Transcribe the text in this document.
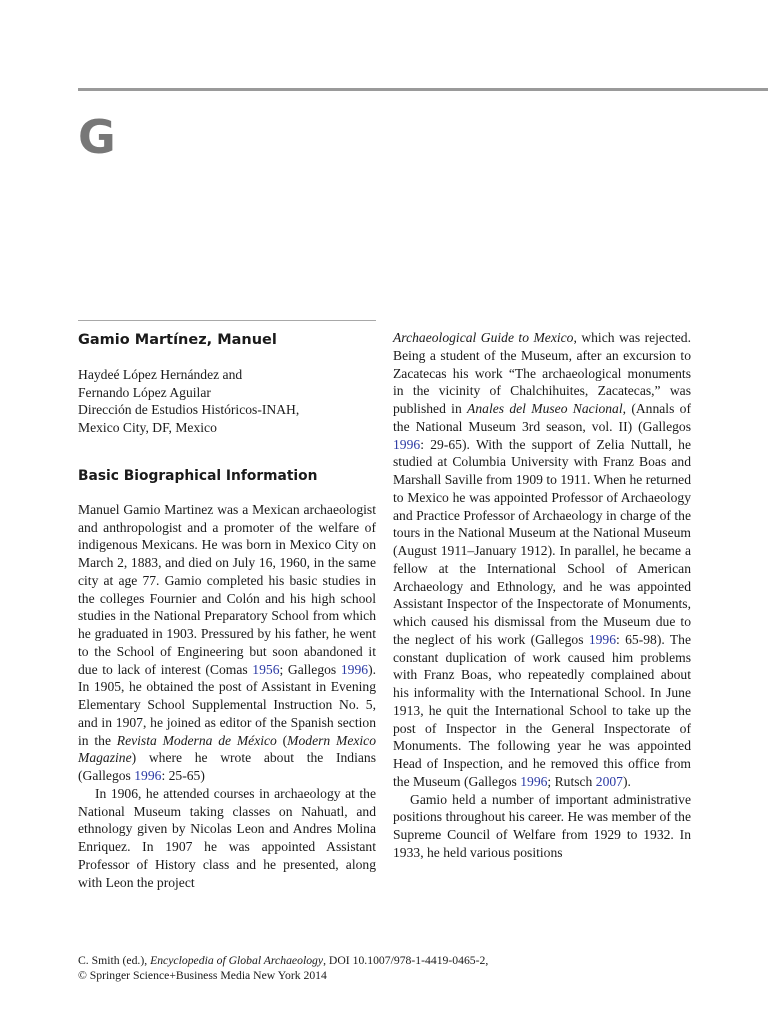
G
Gamio Martínez, Manuel
Haydeé López Hernández and
Fernando López Aguilar
Dirección de Estudios Históricos-INAH,
Mexico City, DF, Mexico
Basic Biographical Information

Manuel Gamio Martinez was a Mexican archaeologist and anthropologist and a promoter of the welfare of indigenous Mexicans. He was born in Mexico City on March 2, 1883, and died on July 16, 1960, in the same city at age 77. Gamio completed his basic studies in the colleges Fournier and Colón and his high school studies in the National Preparatory School from which he graduated in 1903. Pressured by his father, he went to the School of Engineering but soon abandoned it due to lack of interest (Comas 1956; Gallegos 1996). In 1905, he obtained the post of Assistant in Evening Elementary School Supplemental Instruction No. 5, and in 1907, he joined as editor of the Spanish section in the Revista Moderna de México (Modern Mexico Magazine) where he wrote about the Indians (Gallegos 1996: 25-65)

In 1906, he attended courses in archaeology at the National Museum taking classes on Nahuatl, and ethnology given by Nicolas Leon and Andres Molina Enriquez. In 1907 he was appointed Assistant Professor of History class and he presented, along with Leon the project

Archaeological Guide to Mexico, which was rejected. Being a student of the Museum, after an excursion to Zacatecas his work “The archaeological monuments in the vicinity of Chalchihuites, Zacatecas,” was published in Anales del Museo Nacional, (Annals of the National Museum 3rd season, vol. II) (Gallegos 1996: 29-65). With the support of Zelia Nuttall, he studied at Columbia University with Franz Boas and Marshall Saville from 1909 to 1911. When he returned to Mexico he was appointed Professor of Archaeology and Practice Professor of Archaeology in charge of the tours in the National Museum at the National Museum (August 1911–January 1912). In parallel, he became a fellow at the International School of American Archaeology and Ethnology, and he was appointed Assistant Inspector of the Inspectorate of Monuments, which caused his dismissal from the Museum due to the neglect of his work (Gallegos 1996: 65-98). The constant duplication of work caused him problems with Franz Boas, who repeatedly complained about his informality with the International School. In June 1913, he quit the International School to take up the post of Inspector in the General Inspectorate of Monuments. The following year he was appointed Head of Inspection, and he removed this office from the Museum (Gallegos 1996; Rutsch 2007).

Gamio held a number of important administrative positions throughout his career. He was member of the Supreme Council of Welfare from 1929 to 1932. In 1933, he held various positions

C. Smith (ed.), Encyclopedia of Global Archaeology, DOI 10.1007/978-1-4419-0465-2,
© Springer Science+Business Media New York 2014
